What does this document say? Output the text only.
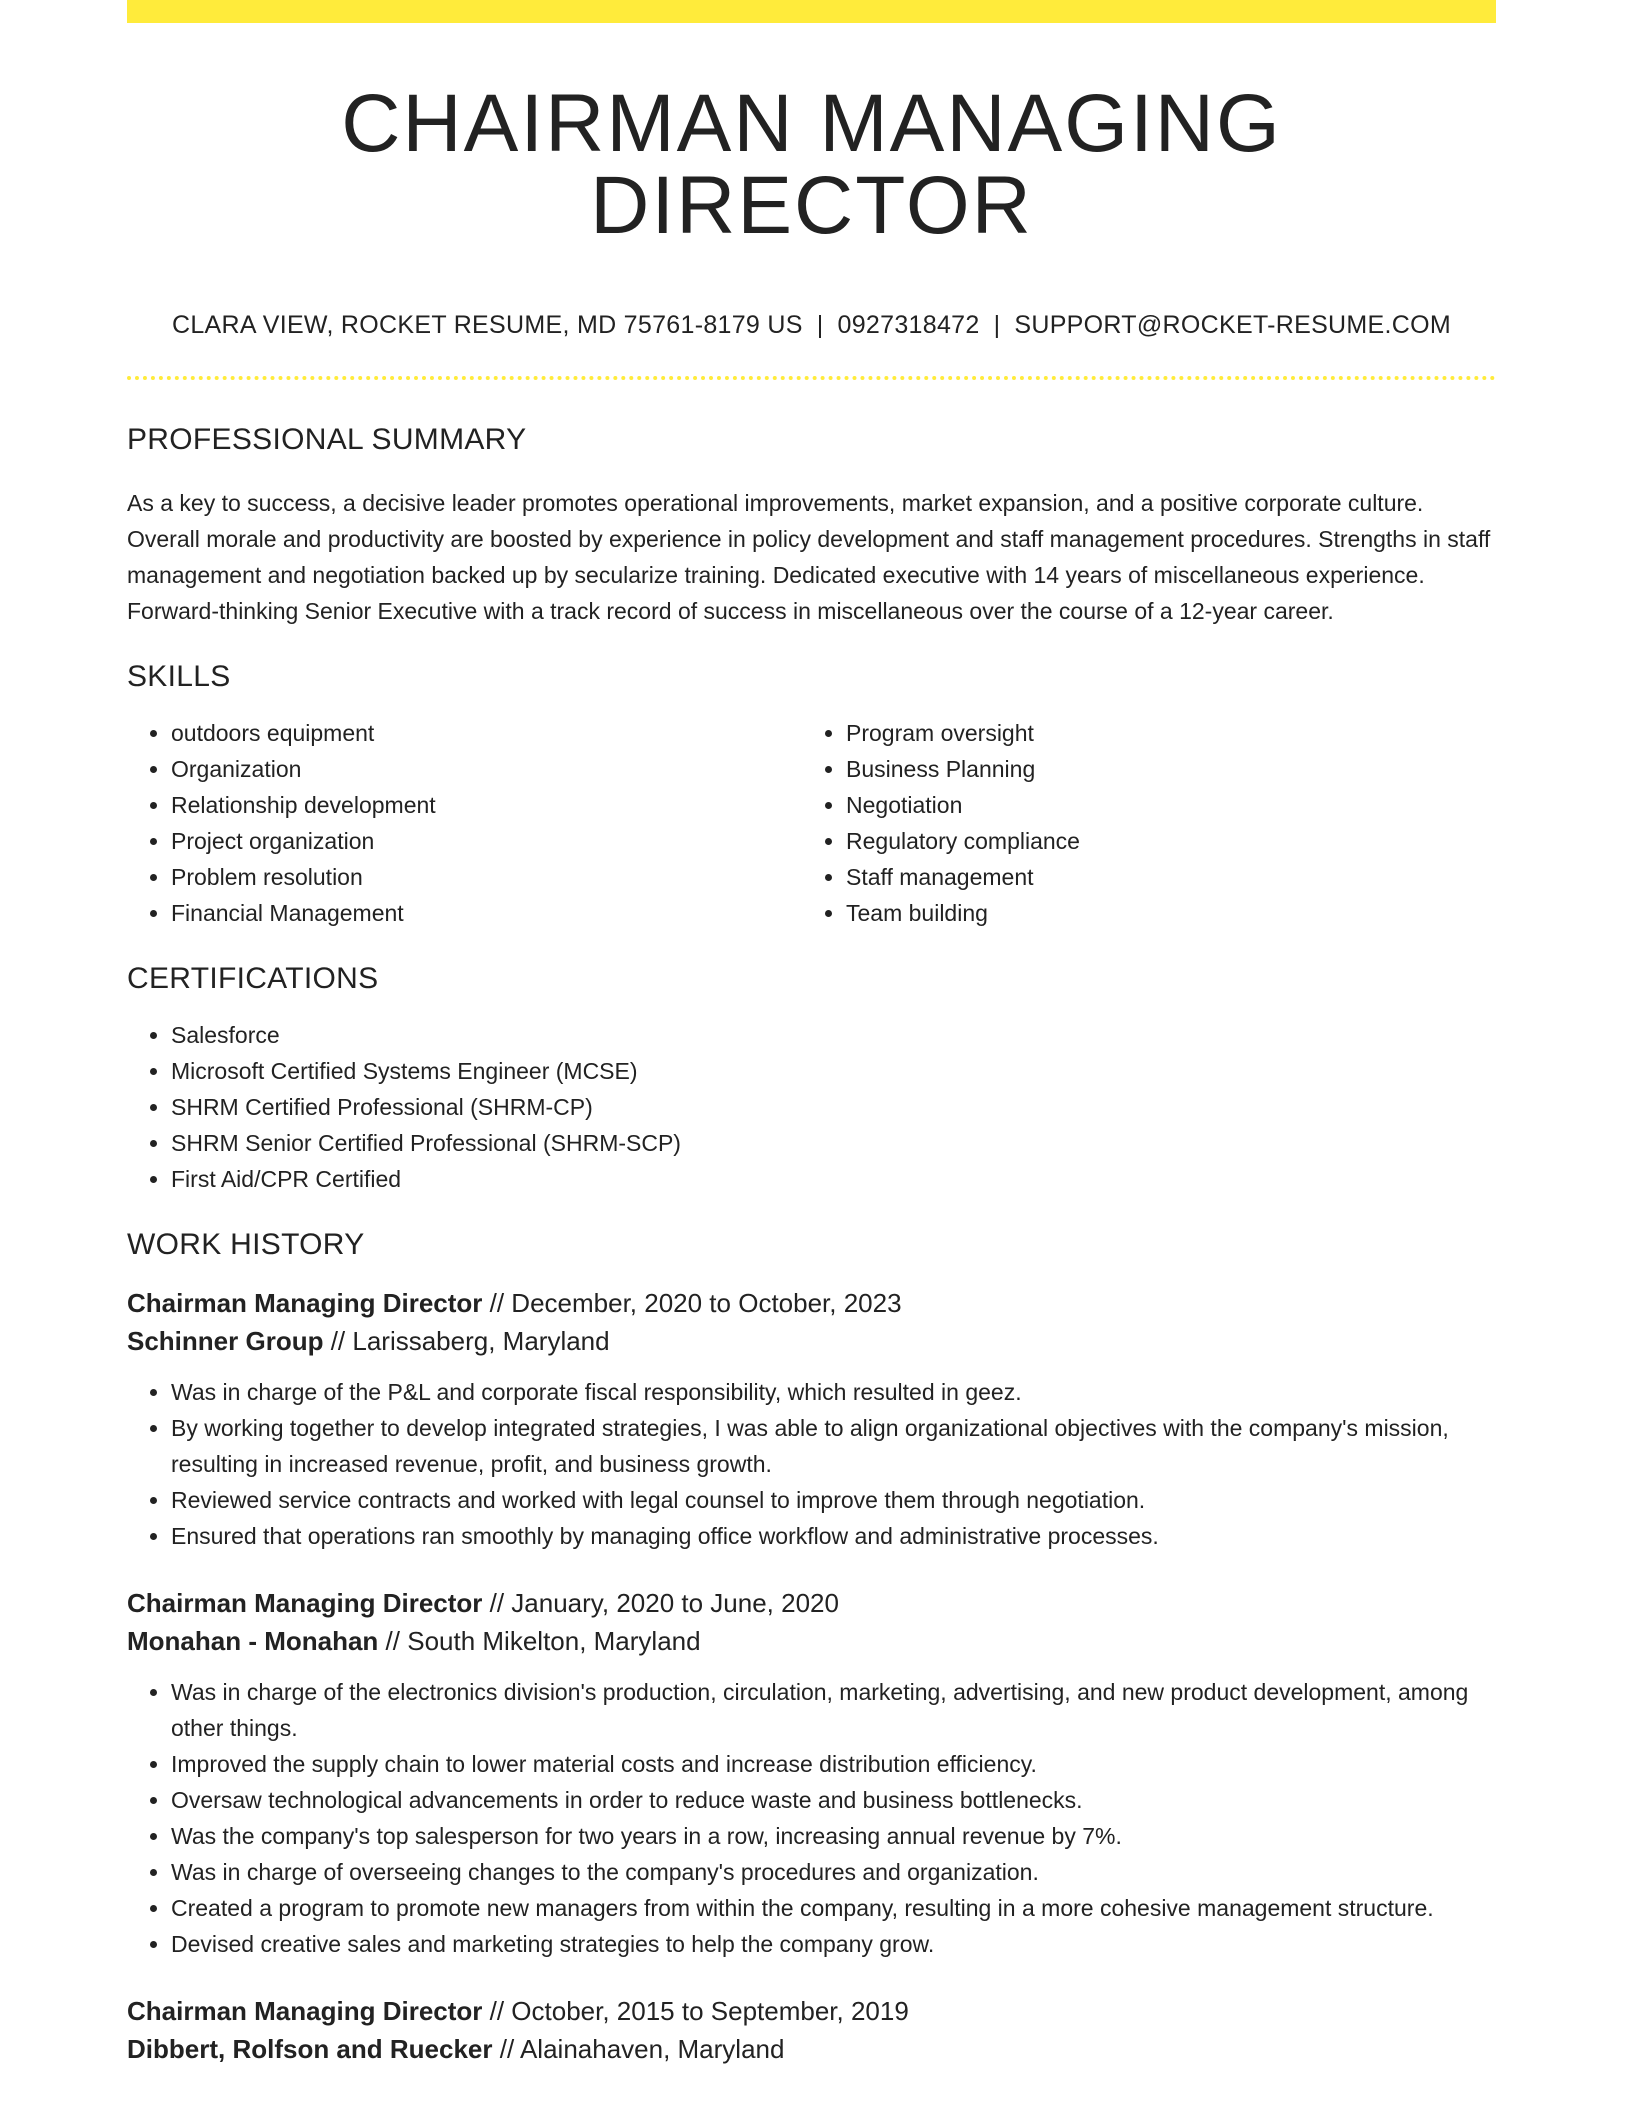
CHAIRMAN MANAGING DIRECTOR
CLARA VIEW, ROCKET RESUME, MD 75761-8179 US | 0927318472 | SUPPORT@ROCKET-RESUME.COM
PROFESSIONAL SUMMARY

As a key to success, a decisive leader promotes operational improvements, market expansion, and a positive corporate culture. Overall morale and productivity are boosted by experience in policy development and staff management procedures. Strengths in staff management and negotiation backed up by secularize training. Dedicated executive with 14 years of miscellaneous experience. Forward-thinking Senior Executive with a track record of success in miscellaneous over the course of a 12-year career.

SKILLS
• outdoors equipment
• Organization
• Relationship development
• Project organization
• Problem resolution
• Financial Management
• Program oversight
• Business Planning
• Negotiation
• Regulatory compliance
• Staff management
• Team building
CERTIFICATIONS
• Salesforce
• Microsoft Certified Systems Engineer (MCSE)
• SHRM Certified Professional (SHRM-CP)
• SHRM Senior Certified Professional (SHRM-SCP)
• First Aid/CPR Certified
WORK HISTORY
Chairman Managing Director // December, 2020 to October, 2023
Schinner Group // Larissaberg, Maryland
• Was in charge of the P&L and corporate fiscal responsibility, which resulted in geez.
• By working together to develop integrated strategies, I was able to align organizational objectives with the company's mission, resulting in increased revenue, profit, and business growth.
• Reviewed service contracts and worked with legal counsel to improve them through negotiation.
• Ensured that operations ran smoothly by managing office workflow and administrative processes.
Chairman Managing Director // January, 2020 to June, 2020
Monahan - Monahan // South Mikelton, Maryland
• Was in charge of the electronics division's production, circulation, marketing, advertising, and new product development, among other things.
• Improved the supply chain to lower material costs and increase distribution efficiency.
• Oversaw technological advancements in order to reduce waste and business bottlenecks.
• Was the company's top salesperson for two years in a row, increasing annual revenue by 7%.
• Was in charge of overseeing changes to the company's procedures and organization.
• Created a program to promote new managers from within the company, resulting in a more cohesive management structure.
• Devised creative sales and marketing strategies to help the company grow.
Chairman Managing Director // October, 2015 to September, 2019
Dibbert, Rolfson and Ruecker // Alainahaven, Maryland
